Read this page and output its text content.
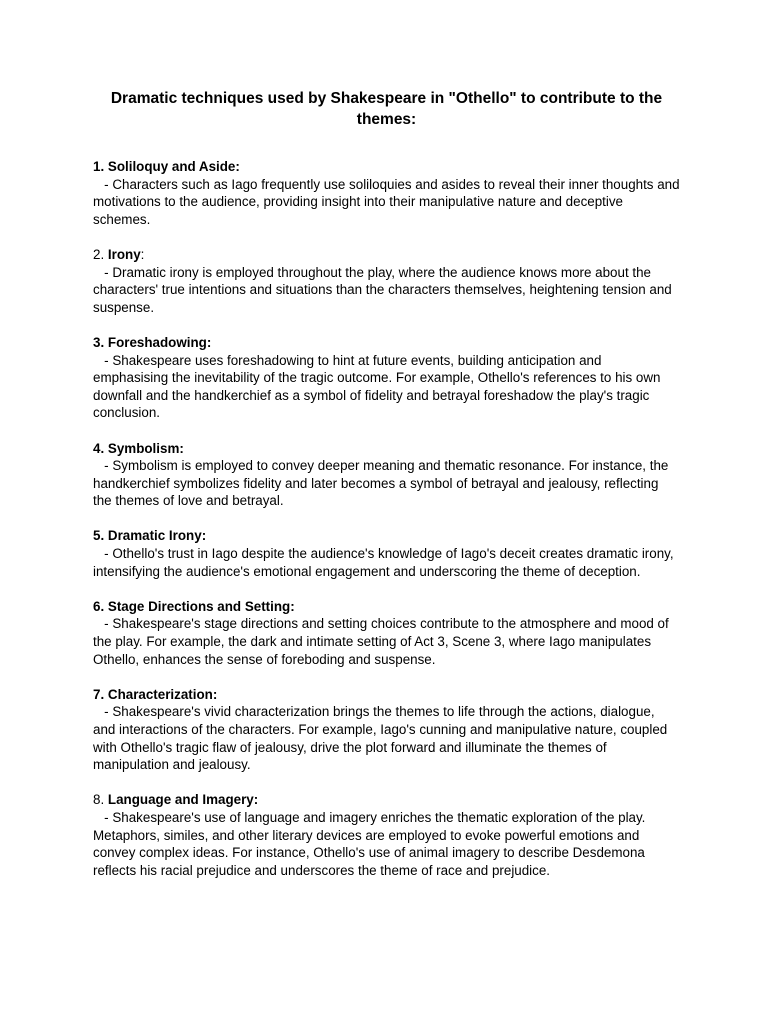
Dramatic techniques used by Shakespeare in "Othello" to contribute to the themes:
1. Soliloquy and Aside:
- Characters such as Iago frequently use soliloquies and asides to reveal their inner thoughts and motivations to the audience, providing insight into their manipulative nature and deceptive schemes.
2. Irony:
- Dramatic irony is employed throughout the play, where the audience knows more about the characters' true intentions and situations than the characters themselves, heightening tension and suspense.
3. Foreshadowing:
- Shakespeare uses foreshadowing to hint at future events, building anticipation and emphasising the inevitability of the tragic outcome. For example, Othello's references to his own downfall and the handkerchief as a symbol of fidelity and betrayal foreshadow the play's tragic conclusion.
4. Symbolism:
- Symbolism is employed to convey deeper meaning and thematic resonance. For instance, the handkerchief symbolizes fidelity and later becomes a symbol of betrayal and jealousy, reflecting the themes of love and betrayal.
5. Dramatic Irony:
- Othello's trust in Iago despite the audience's knowledge of Iago's deceit creates dramatic irony, intensifying the audience's emotional engagement and underscoring the theme of deception.
6. Stage Directions and Setting:
- Shakespeare's stage directions and setting choices contribute to the atmosphere and mood of the play. For example, the dark and intimate setting of Act 3, Scene 3, where Iago manipulates Othello, enhances the sense of foreboding and suspense.
7. Characterization:
- Shakespeare's vivid characterization brings the themes to life through the actions, dialogue, and interactions of the characters. For example, Iago's cunning and manipulative nature, coupled with Othello's tragic flaw of jealousy, drive the plot forward and illuminate the themes of manipulation and jealousy.
8. Language and Imagery:
- Shakespeare's use of language and imagery enriches the thematic exploration of the play. Metaphors, similes, and other literary devices are employed to evoke powerful emotions and convey complex ideas. For instance, Othello's use of animal imagery to describe Desdemona reflects his racial prejudice and underscores the theme of race and prejudice.
